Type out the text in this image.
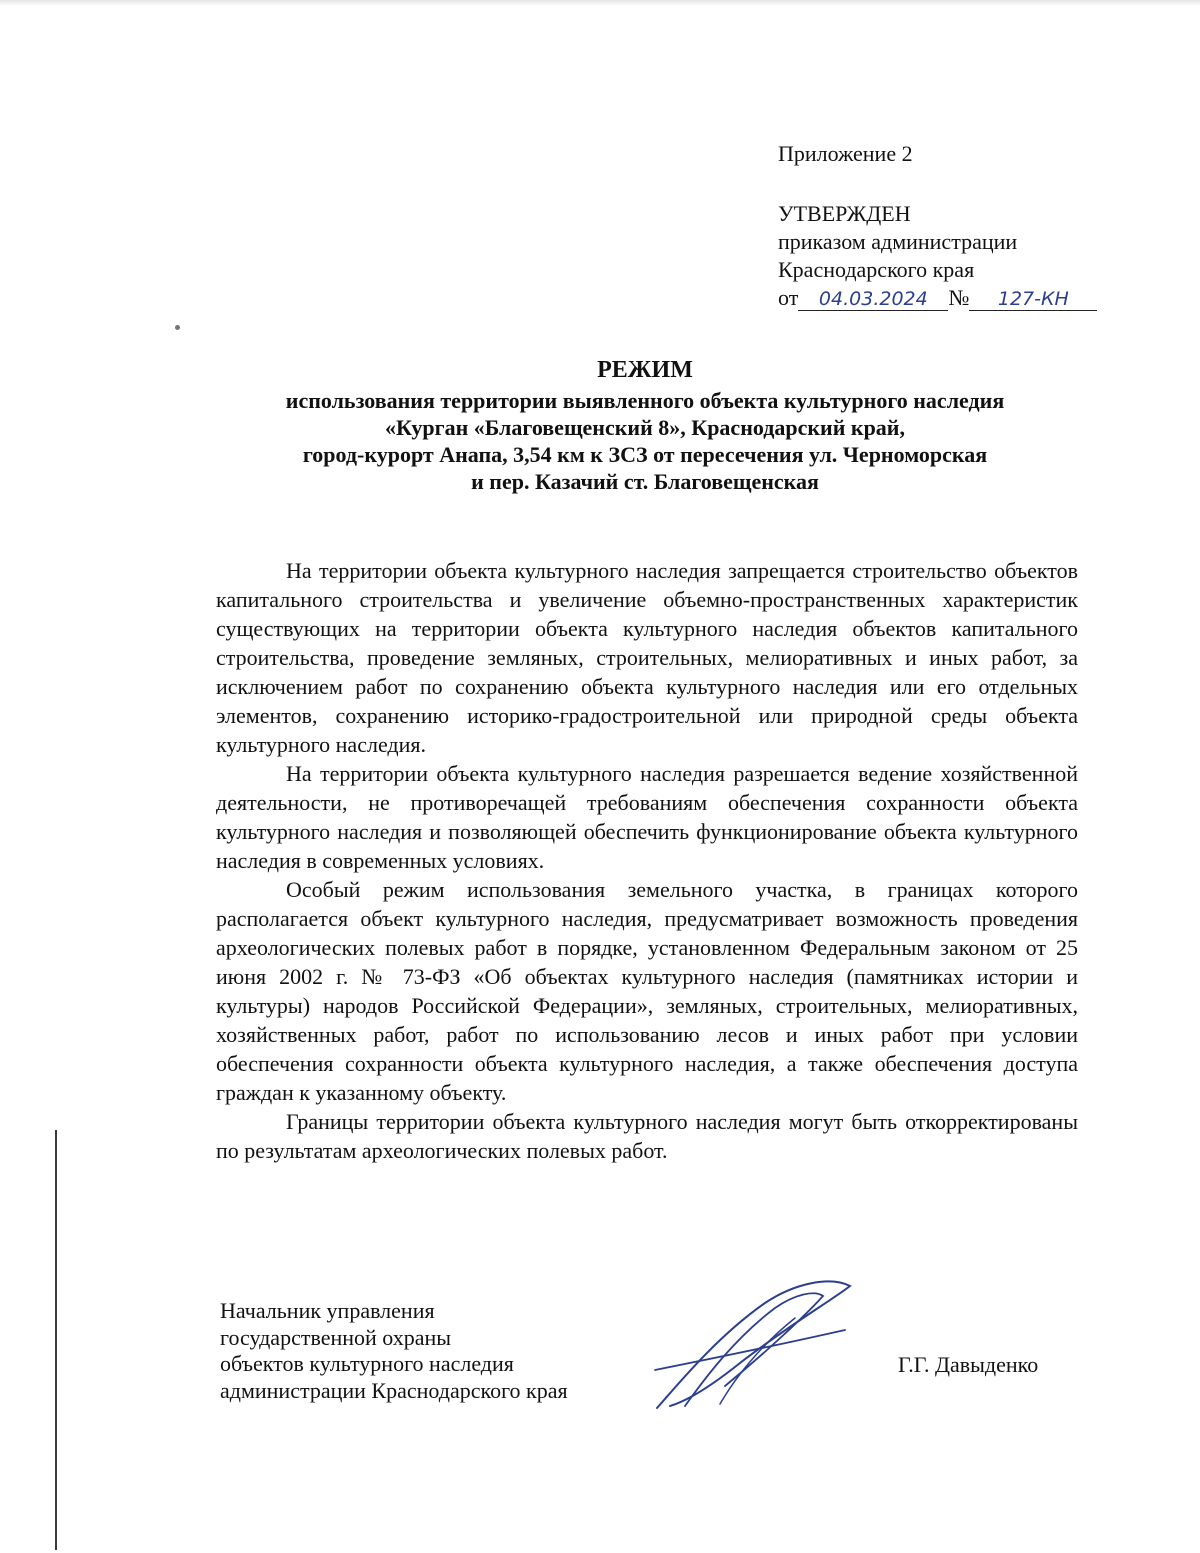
Приложение 2
УТВЕРЖДЕН
приказом администрации
Краснодарского края
от 04.03.2024 № 127-КН
РЕЖИМ
использования территории выявленного объекта культурного наследия
«Курган «Благовещенский 8», Краснодарский край,
город-курорт Анапа, 3,54 км к ЗСЗ от пересечения ул. Черноморская
и пер. Казачий ст. Благовещенская

На территории объекта культурного наследия запрещается строительство объектов капитального строительства и увеличение объемно-пространственных характеристик существующих на территории объекта культурного наследия объектов капитального строительства, проведение земляных, строительных, мелиоративных и иных работ, за исключением работ по сохранению объекта культурного наследия или его отдельных элементов, сохранению историко-градостроительной или природной среды объекта культурного наследия.

На территории объекта культурного наследия разрешается ведение хозяйственной деятельности, не противоречащей требованиям обеспечения сохранности объекта культурного наследия и позволяющей обеспечить функционирование объекта культурного наследия в современных условиях.

Особый режим использования земельного участка, в границах которого располагается объект культурного наследия, предусматривает возможность проведения археологических полевых работ в порядке, установленном Федеральным законом от 25 июня 2002 г. № 73-ФЗ «Об объектах культурного наследия (памятниках истории и культуры) народов Российской Федерации», земляных, строительных, мелиоративных, хозяйственных работ, работ по использованию лесов и иных работ при условии обеспечения сохранности объекта культурного наследия, а также обеспечения доступа граждан к указанному объекту.

Границы территории объекта культурного наследия могут быть откорректированы по результатам археологических полевых работ.

Начальник управления
государственной охраны
объектов культурного наследия
администрации Краснодарского края
Г.Г. Давыденко
